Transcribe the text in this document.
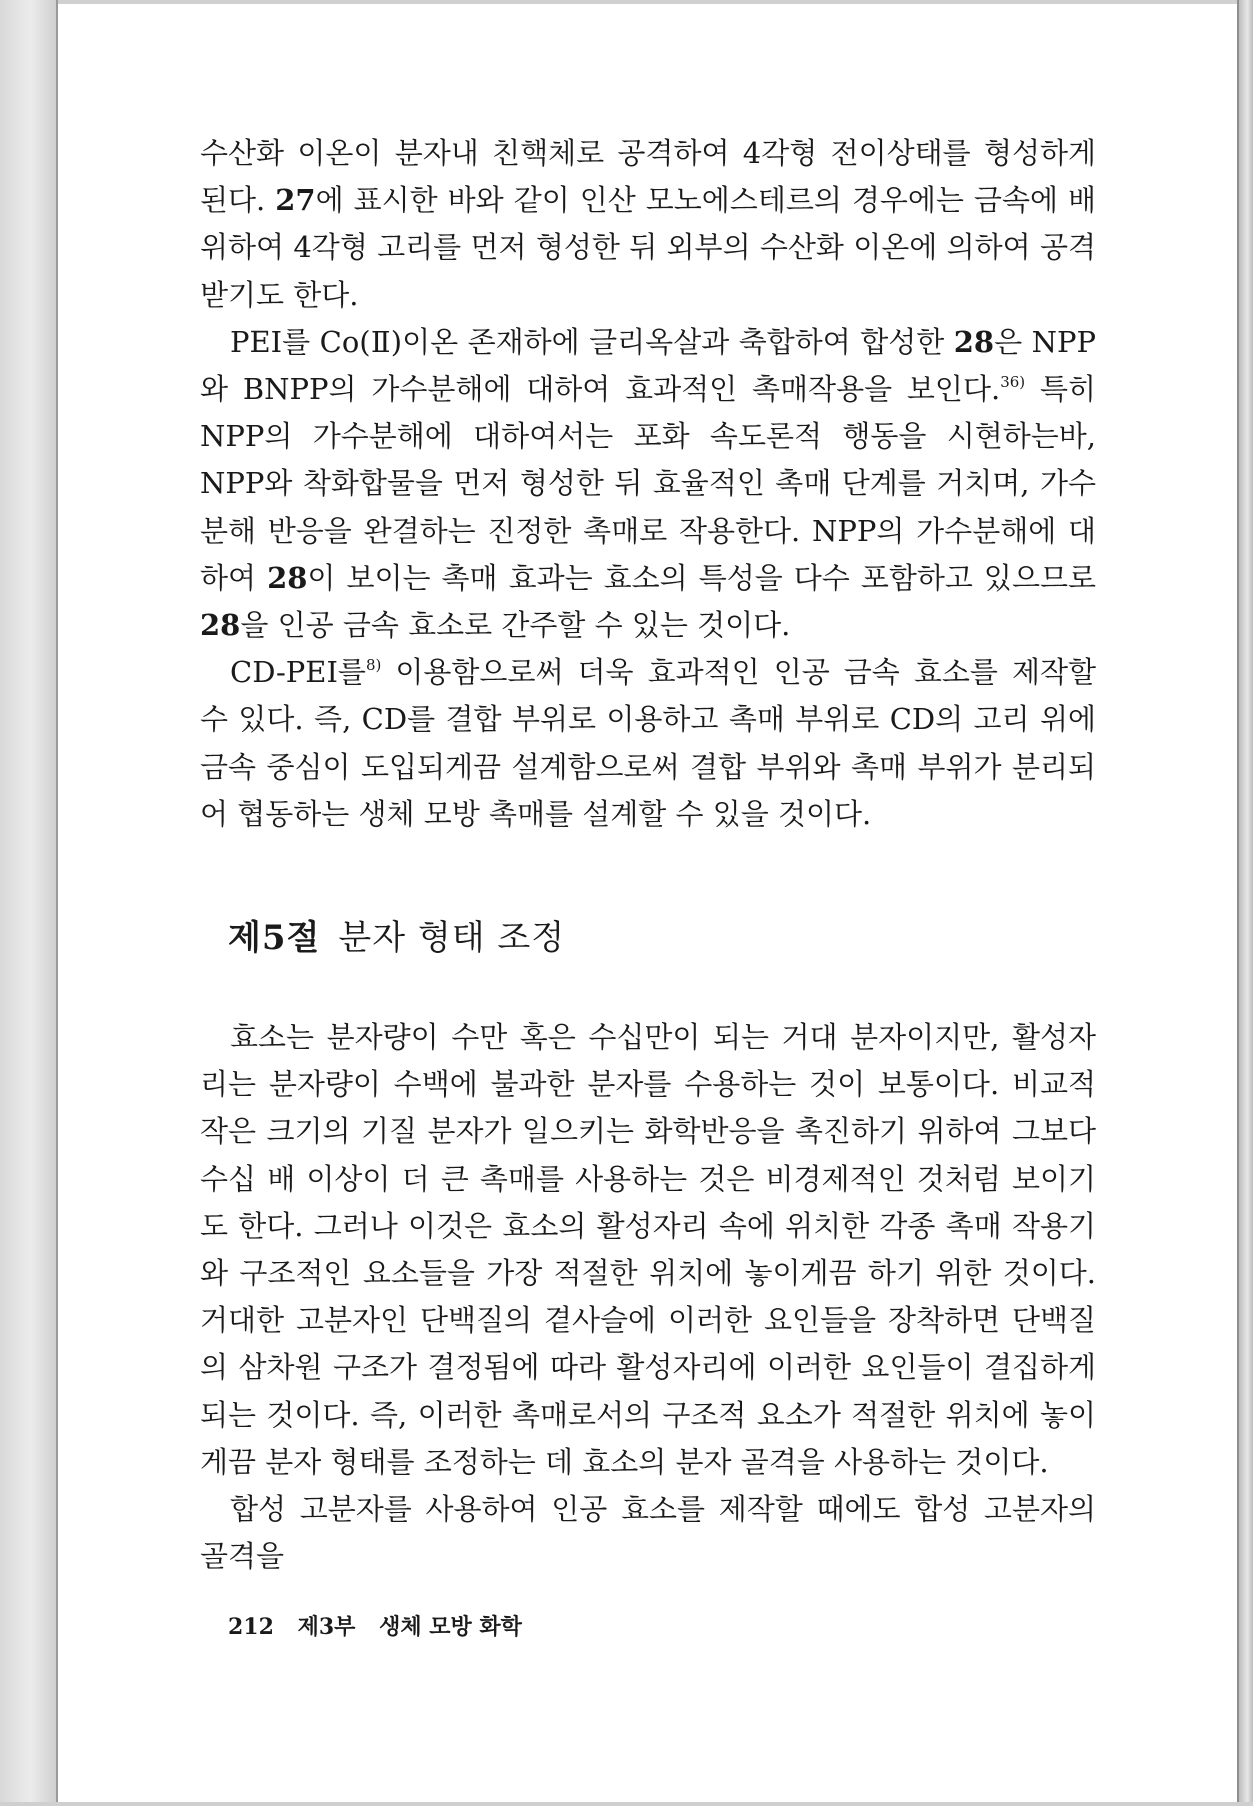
수산화 이온이 분자내 친핵체로 공격하여 4각형 전이상태를 형성하게 된다. 27에 표시한 바와 같이 인산 모노에스테르의 경우에는 금속에 배위하여 4각형 고리를 먼저 형성한 뒤 외부의 수산화 이온에 의하여 공격받기도 한다.

PEI를 Co(Ⅱ)이온 존재하에 글리옥살과 축합하여 합성한 28은 NPP와 BNPP의 가수분해에 대하여 효과적인 촉매작용을 보인다.$^{36)}$ 특히 NPP의 가수분해에 대하여서는 포화 속도론적 행동을 시현하는바, NPP와 착화합물을 먼저 형성한 뒤 효율적인 촉매 단계를 거치며, 가수분해 반응을 완결하는 진정한 촉매로 작용한다. NPP의 가수분해에 대하여 28이 보이는 촉매 효과는 효소의 특성을 다수 포함하고 있으므로 28을 인공 금속 효소로 간주할 수 있는 것이다.

CD-PEI를$^{8)}$ 이용함으로써 더욱 효과적인 인공 금속 효소를 제작할 수 있다. 즉, CD를 결합 부위로 이용하고 촉매 부위로 CD의 고리 위에 금속 중심이 도입되게끔 설계함으로써 결합 부위와 촉매 부위가 분리되어 협동하는 생체 모방 촉매를 설계할 수 있을 것이다.

제5절 분자 형태 조정

효소는 분자량이 수만 혹은 수십만이 되는 거대 분자이지만, 활성자리는 분자량이 수백에 불과한 분자를 수용하는 것이 보통이다. 비교적 작은 크기의 기질 분자가 일으키는 화학반응을 촉진하기 위하여 그보다 수십 배 이상이 더 큰 촉매를 사용하는 것은 비경제적인 것처럼 보이기도 한다. 그러나 이것은 효소의 활성자리 속에 위치한 각종 촉매 작용기와 구조적인 요소들을 가장 적절한 위치에 놓이게끔 하기 위한 것이다. 거대한 고분자인 단백질의 곁사슬에 이러한 요인들을 장착하면 단백질의 삼차원 구조가 결정됨에 따라 활성자리에 이러한 요인들이 결집하게 되는 것이다. 즉, 이러한 촉매로서의 구조적 요소가 적절한 위치에 놓이게끔 분자 형태를 조정하는 데 효소의 분자 골격을 사용하는 것이다.

합성 고분자를 사용하여 인공 효소를 제작할 때에도 합성 고분자의 골격을

212 제3부 생체 모방 화학
